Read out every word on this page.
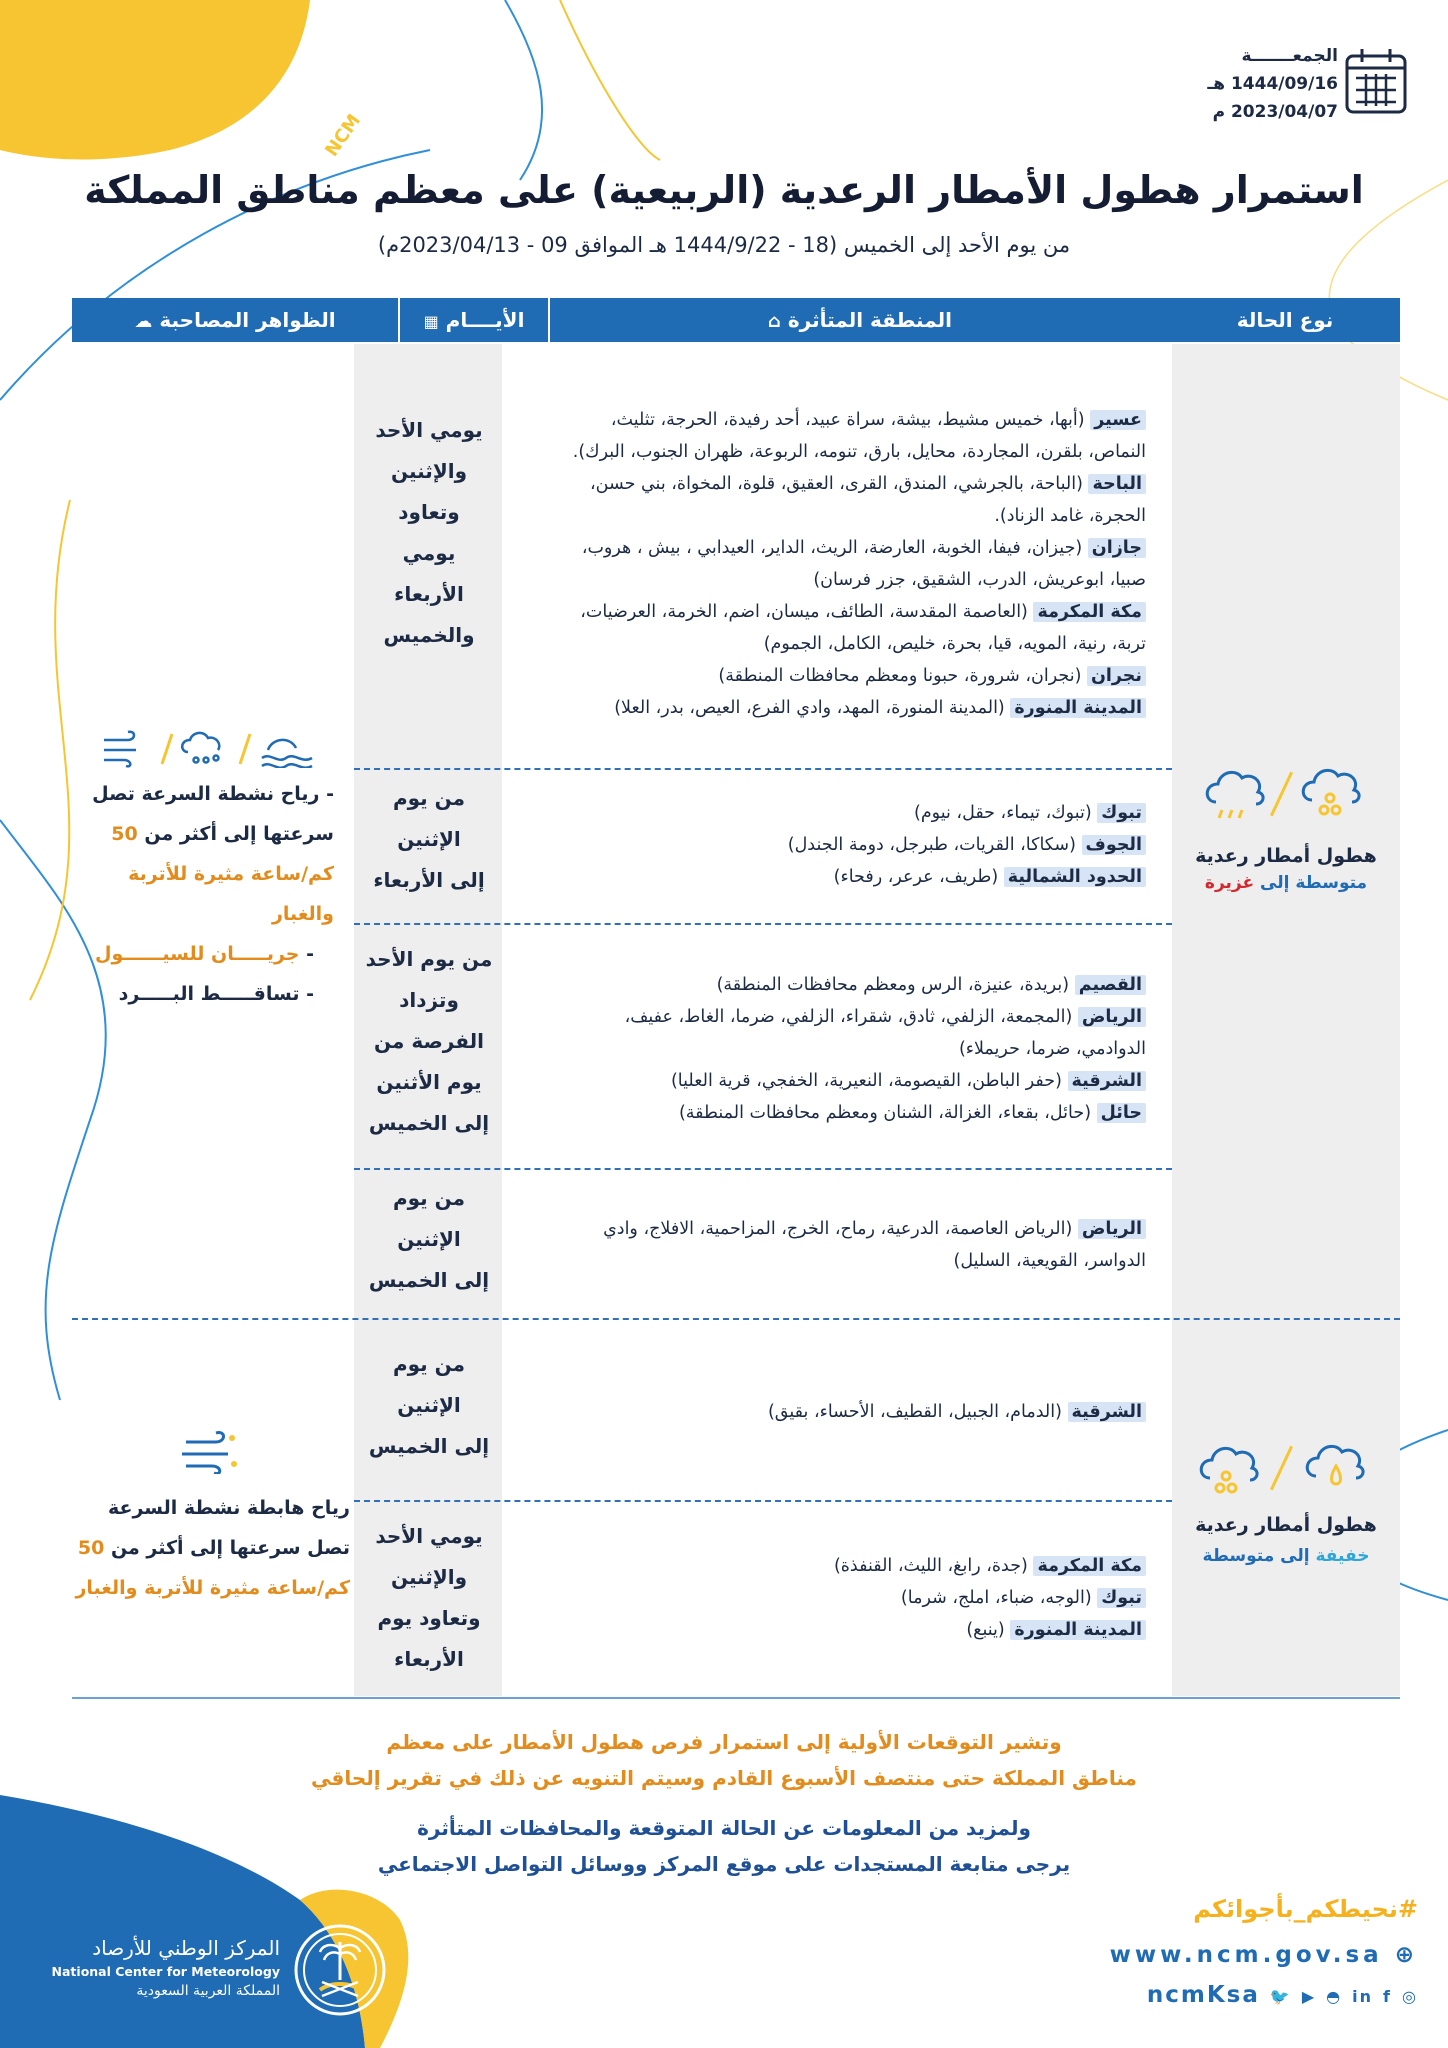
NCM
الجمعـــــــة
1444/09/16 هـ
2023/04/07 م
استمرار هطول الأمطار الرعدية (الربيعية) على معظم مناطق المملكة
من يوم الأحد إلى الخميس (18 - 1444/9/22 هـ الموافق 09 - 2023/04/13م)
نوع الحالة
المنطقة المتأثرة ⌂
الأيــــام ▦
الظواهر المصاحبة ☁
يومي الأحد
والإثنين
وتعاود
يومي
الأربعاء
والخميس
عسير (أبها، خميس مشيط، بيشة، سراة عبيد، أحد رفيدة، الحرجة، تثليث،
النماص، بلقرن، المجاردة، محايل، بارق، تنومه، الربوعة، ظهران الجنوب، البرك).
الباحة (الباحة، بالجرشي، المندق، القرى، العقيق، قلوة، المخواة، بني حسن،
الحجرة، غامد الزناد).
جازان (جيزان، فيفا، الخوبة، العارضة، الريث، الداير، العيدابي ، بيش ، هروب،
صبيا، ابوعريش، الدرب، الشقيق، جزر فرسان)
مكة المكرمة (العاصمة المقدسة، الطائف، ميسان، اضم، الخرمة، العرضيات،
تربة، رنية، المويه، قيا، بحرة، خليص، الكامل، الجموم)
نجران (نجران، شرورة، حبونا ومعظم محافظات المنطقة)
المدينة المنورة (المدينة المنورة، المهد، وادي الفرع، العيص، بدر، العلا)
من يوم
الإثنين
إلى الأربعاء
تبوك (تبوك، تيماء، حقل، نيوم)
الجوف (سكاكا، القريات، طبرجل، دومة الجندل)
الحدود الشمالية (طريف، عرعر، رفحاء)
من يوم الأحد
وتزداد
الفرصة من
يوم الأثنين
إلى الخميس
القصيم (بريدة، عنيزة، الرس ومعظم محافظات المنطقة)
الرياض (المجمعة، الزلفي، ثادق، شقراء، الزلفي، ضرما، الغاط، عفيف،
الدوادمي، ضرما، حريملاء)
الشرقية (حفر الباطن، القيصومة، النعيرية، الخفجي، قرية العليا)
حائل (حائل، بقعاء، الغزالة، الشنان ومعظم محافظات المنطقة)
من يوم
الإثنين
إلى الخميس
الرياض (الرياض العاصمة، الدرعية، رماح، الخرج، المزاحمية، الافلاج، وادي
الدواسر، القويعية، السليل)
هطول أمطار رعدية
متوسطة إلى غزيرة
- رياح نشطة السرعة تصل
سرعتها إلى أكثر من 50
كم/ساعة مثيرة للأتربة والغبار
- جريـــــان للسيــــــول
- تساقـــــط البـــــرد
من يوم
الإثنين
إلى الخميس
الشرقية (الدمام، الجبيل، القطيف، الأحساء، بقيق)
يومي الأحد
والإثنين
وتعاود يوم
الأربعاء
مكة المكرمة (جدة، رابغ، الليث، القنفذة)
تبوك (الوجه، ضباء، املج، شرما)
المدينة المنورة (ينبع)
هطول أمطار رعدية
خفيفة إلى متوسطة
رياح هابطة نشطة السرعة
تصل سرعتها إلى أكثر من 50
كم/ساعة مثيرة للأتربة والغبار
وتشير التوقعات الأولية إلى استمرار فرص هطول الأمطار على معظم
مناطق المملكة حتى منتصف الأسبوع القادم وسيتم التنويه عن ذلك في تقرير إلحاقي
ولمزيد من المعلومات عن الحالة المتوقعة والمحافظات المتأثرة
يرجى متابعة المستجدات على موقع المركز ووسائل التواصل الاجتماعي
#نحيطكم_بأجوائكم
www.ncm.gov.sa ⊕
ncmKsa 🐦 ▶ ◓ in f ◎
المركز الوطني للأرصاد
National Center for Meteorology
المملكة العربية السعودية
